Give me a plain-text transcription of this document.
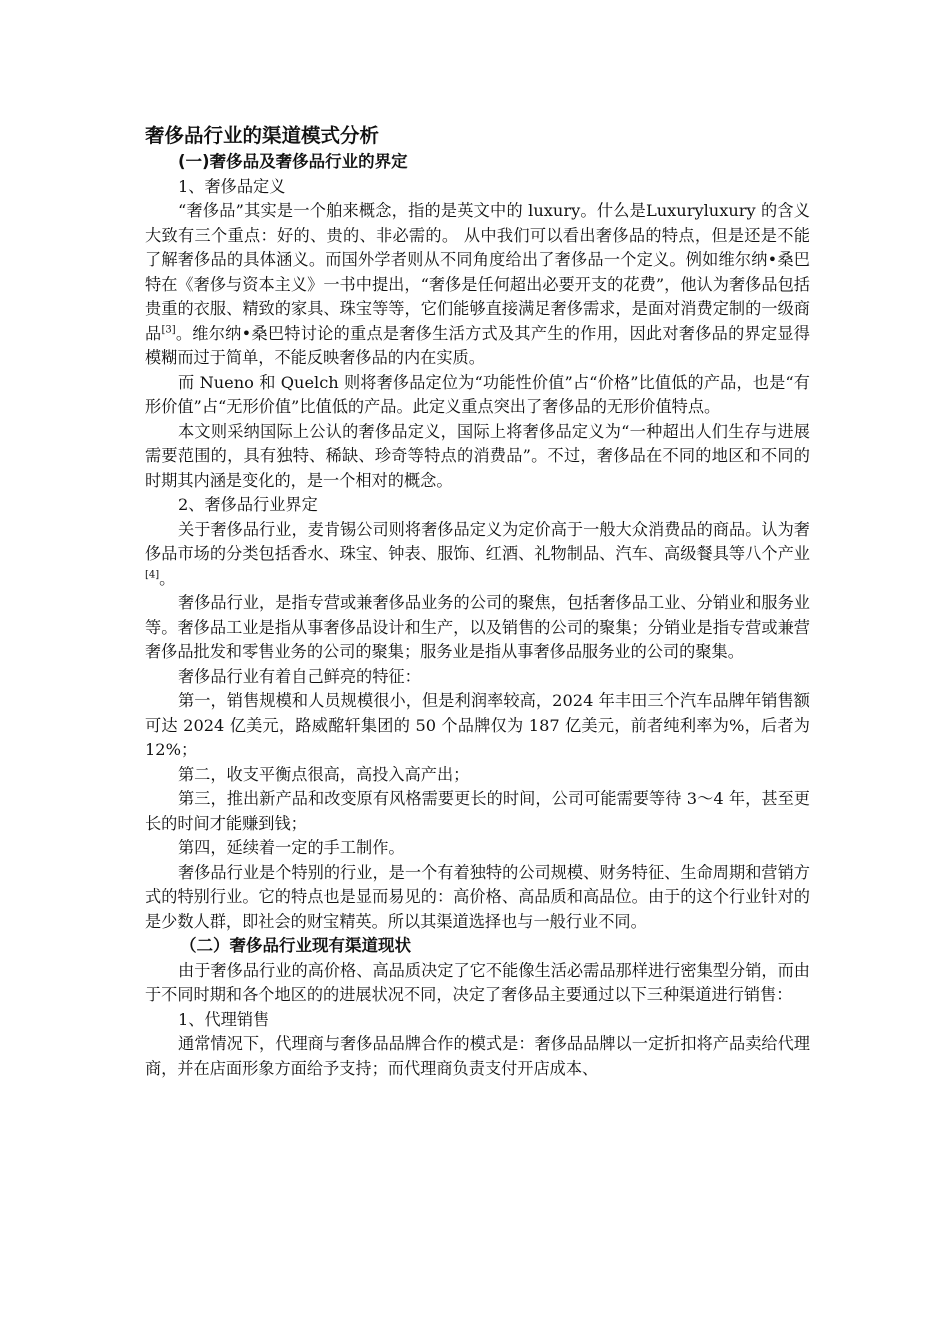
奢侈品行业的渠道模式分析
(一)奢侈品及奢侈品行业的界定
1、奢侈品定义

“奢侈品”其实是一个舶来概念，指的是英文中的 luxury。什么是Luxuryluxury 的含义大致有三个重点：好的、贵的、非必需的。 从中我们可以看出奢侈品的特点，但是还是不能了解奢侈品的具体涵义。而国外学者则从不同角度给出了奢侈品一个定义。例如维尔纳•桑巴特在《奢侈与资本主义》一书中提出，“奢侈是任何超出必要开支的花费”，他认为奢侈品包括贵重的衣服、精致的家具、珠宝等等，它们能够直接满足奢侈需求，是面对消费定制的一级商品[3]。维尔纳•桑巴特讨论的重点是奢侈生活方式及其产生的作用，因此对奢侈品的界定显得模糊而过于简单，不能反映奢侈品的内在实质。

而 Nueno 和 Quelch 则将奢侈品定位为“功能性价值”占“价格”比值低的产品，也是“有形价值”占“无形价值”比值低的产品。此定义重点突出了奢侈品的无形价值特点。

本文则采纳国际上公认的奢侈品定义，国际上将奢侈品定义为“一种超出人们生存与进展需要范围的，具有独特、稀缺、珍奇等特点的消费品”。不过，奢侈品在不同的地区和不同的时期其内涵是变化的，是一个相对的概念。

2、奢侈品行业界定

关于奢侈品行业，麦肯锡公司则将奢侈品定义为定价高于一般大众消费品的商品。认为奢侈品市场的分类包括香水、珠宝、钟表、服饰、红酒、礼物制品、汽车、高级餐具等八个产业[4]。

奢侈品行业，是指专营或兼奢侈品业务的公司的聚焦，包括奢侈品工业、分销业和服务业等。奢侈品工业是指从事奢侈品设计和生产，以及销售的公司的聚集；分销业是指专营或兼营奢侈品批发和零售业务的公司的聚集；服务业是指从事奢侈品服务业的公司的聚集。

奢侈品行业有着自己鲜亮的特征：

第一，销售规模和人员规模很小，但是利润率较高，2024 年丰田三个汽车品牌年销售额可达 2024 亿美元，路威酩轩集团的 50 个品牌仅为 187 亿美元，前者纯利率为%，后者为 12%；

第二，收支平衡点很高，高投入高产出；

第三，推出新产品和改变原有风格需要更长的时间，公司可能需要等待 3～4 年，甚至更长的时间才能赚到钱；

第四，延续着一定的手工制作。

奢侈品行业是个特别的行业，是一个有着独特的公司规模、财务特征、生命周期和营销方式的特别行业。它的特点也是显而易见的：高价格、高品质和高品位。由于的这个行业针对的是少数人群，即社会的财宝精英。所以其渠道选择也与一般行业不同。

（二）奢侈品行业现有渠道现状

由于奢侈品行业的高价格、高品质决定了它不能像生活必需品那样进行密集型分销，而由于不同时期和各个地区的的进展状况不同，决定了奢侈品主要通过以下三种渠道进行销售：

1、代理销售

通常情况下，代理商与奢侈品品牌合作的模式是：奢侈品品牌以一定折扣将产品卖给代理商，并在店面形象方面给予支持；而代理商负责支付开店成本、
